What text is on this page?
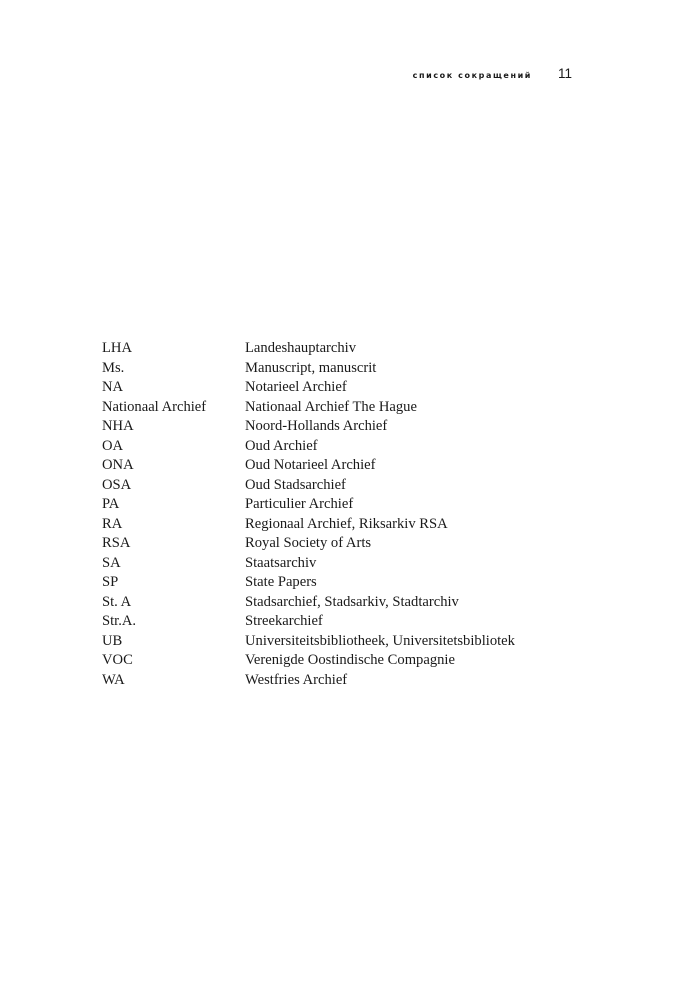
список сокращений 11
LHA	Landeshauptarchiv
Ms.	Manuscript, manuscrit
NA	Notarieel Archief
Nationaal Archief	Nationaal Archief The Hague
NHA	Noord-Hollands Archief
OA	Oud Archief
ONA	Oud Notarieel Archief
OSA	Oud Stadsarchief
PA	Particulier Archief
RA	Regionaal Archief, Riksarkiv RSA
RSA	Royal Society of Arts
SA	Staatsarchiv
SP	State Papers
St. A	Stadsarchief, Stadsarkiv, Stadtarchiv
Str.A.	Streekarchief
UB	Universiteitsbibliotheek, Universitetsbibliotek
VOC	Verenigde Oostindische Compagnie
WA	Westfries Archief
